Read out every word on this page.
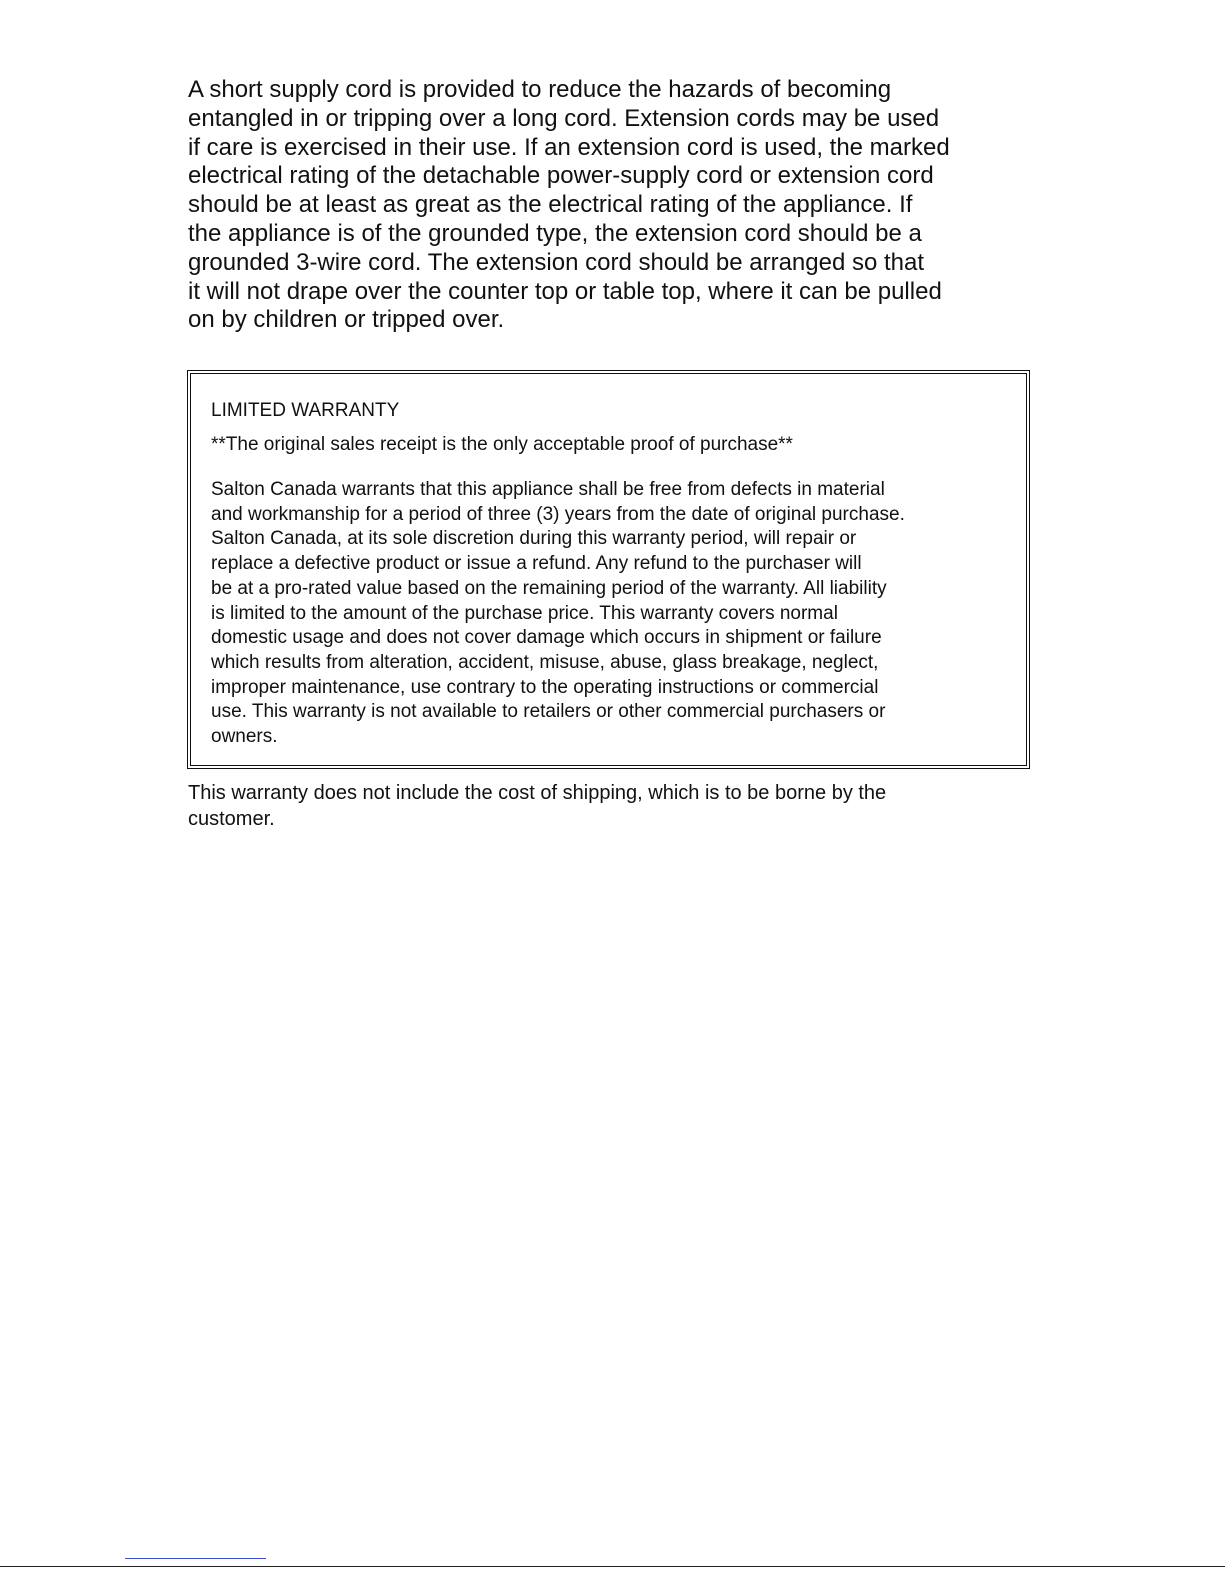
A short supply cord is provided to reduce the hazards of becoming
entangled in or tripping over a long cord. Extension cords may be used
if care is exercised in their use. If an extension cord is used, the marked
electrical rating of the detachable power-supply cord or extension cord
should be at least as great as the electrical rating of the appliance. If
the appliance is of the grounded type, the extension cord should be a
grounded 3-wire cord. The extension cord should be arranged so that
it will not drape over the counter top or table top, where it can be pulled
on by children or tripped over.
LIMITED WARRANTY
**The original sales receipt is the only acceptable proof of purchase**
Salton Canada warrants that this appliance shall be free from defects in material
and workmanship for a period of three (3) years from the date of original purchase.
Salton Canada, at its sole discretion during this warranty period, will repair or
replace a defective product or issue a refund. Any refund to the purchaser will
be at a pro-rated value based on the remaining period of the warranty. All liability
is limited to the amount of the purchase price. This warranty covers normal
domestic usage and does not cover damage which occurs in shipment or failure
which results from alteration, accident, misuse, abuse, glass breakage, neglect,
improper maintenance, use contrary to the operating instructions or commercial
use. This warranty is not available to retailers or other commercial purchasers or
owners.
This warranty does not include the cost of shipping, which is to be borne by the
customer.
